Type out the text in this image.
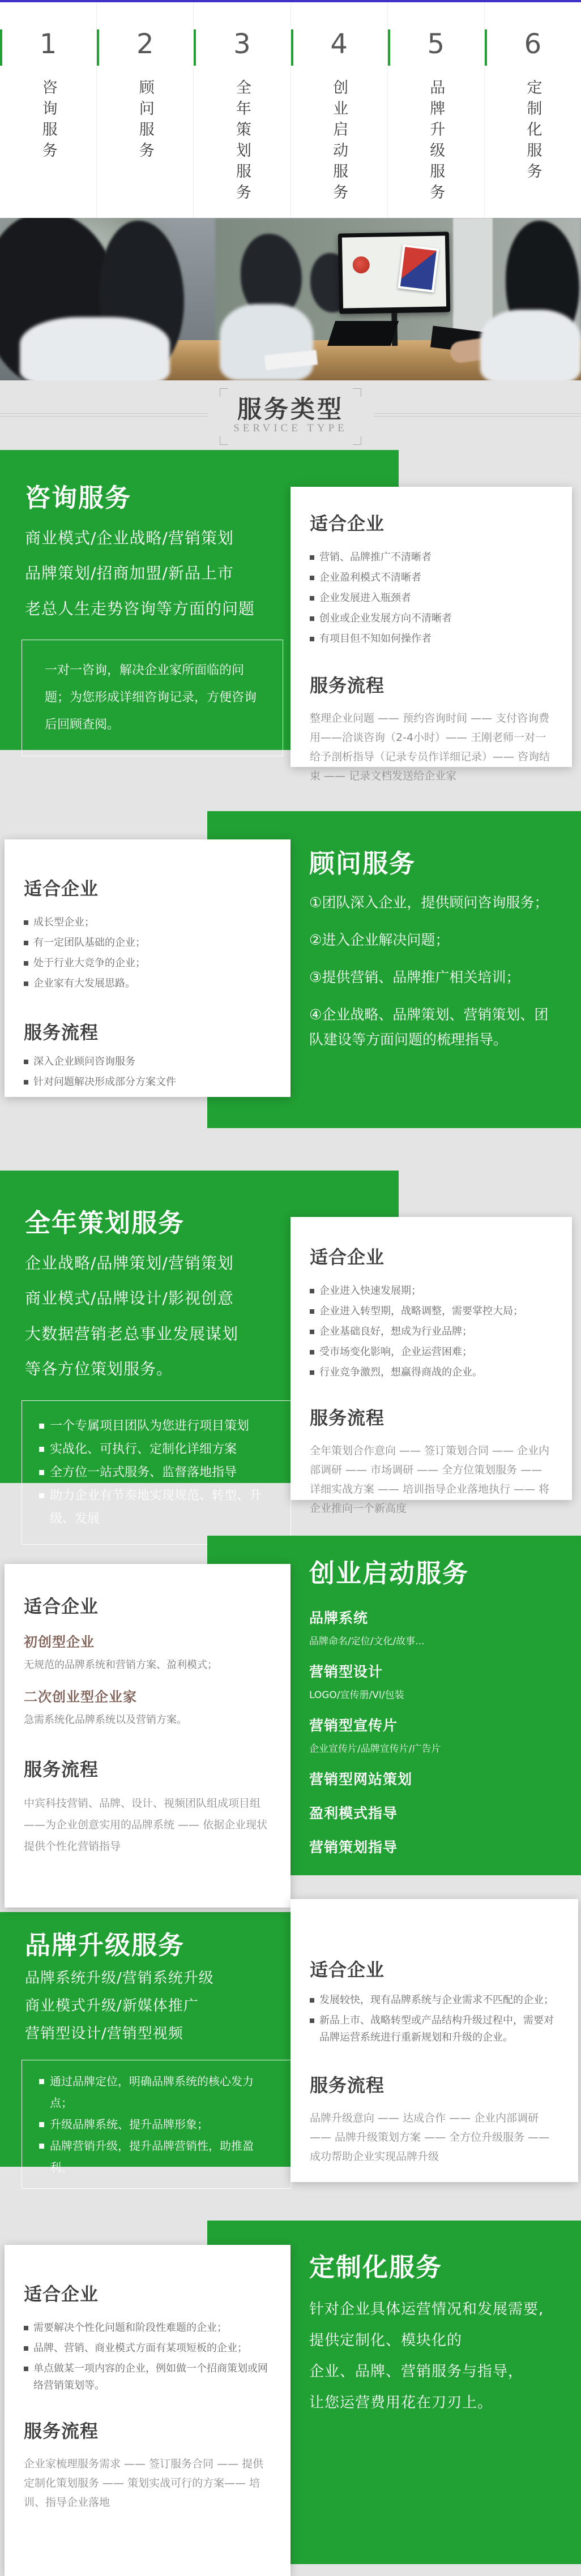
1
咨询服务
2
顾问服务
3
全年策划服务
4
创业启动服务
5
品牌升级服务
6
定制化服务
服务类型
SERVICE TYPE
咨询服务
商业模式/企业战略/营销策划
品牌策划/招商加盟/新品上市
老总人生走势咨询等方面的问题
一对一咨询，解决企业家所面临的问题；为您形成详细咨询记录，方便咨询后回顾查阅。
适合企业
营销、品牌推广不清晰者
企业盈利模式不清晰者
企业发展进入瓶颈者
创业或企业发展方向不清晰者
有项目但不知如何操作者
服务流程
整理企业问题 —— 预约咨询时间 —— 支付咨询费用——洽谈咨询（2-4小时）—— 王刚老师一对一给予剖析指导（记录专员作详细记录）—— 咨询结束 —— 记录文档发送给企业家
顾问服务
①团队深入企业，提供顾问咨询服务；
②进入企业解决问题；
③提供营销、品牌推广相关培训；
④企业战略、品牌策划、营销策划、团队建设等方面问题的梳理指导。
适合企业
成长型企业；
有一定团队基础的企业；
处于行业大竞争的企业；
企业家有大发展思路。
服务流程
深入企业顾问咨询服务
针对问题解决形成部分方案文件
全年策划服务
企业战略/品牌策划/营销策划
商业模式/品牌设计/影视创意
大数据营销老总事业发展谋划
等各方位策划服务。
一个专属项目团队为您进行项目策划
实战化、可执行、定制化详细方案
全方位一站式服务、监督落地指导
助力企业有节奏地实现规范、转型、升级、发展
适合企业
企业进入快速发展期；
企业进入转型期，战略调整，需要掌控大局；
企业基础良好，想成为行业品牌；
受市场变化影响，企业运营困难；
行业竞争激烈，想赢得商战的企业。
服务流程
全年策划合作意向 —— 签订策划合同 —— 企业内部调研 —— 市场调研 —— 全方位策划服务 —— 详细实战方案 —— 培训指导企业落地执行 —— 将企业推向一个新高度
创业启动服务
品牌系统
品牌命名/定位/文化/故事...
营销型设计
LOGO/宣传册/VI/包装
营销型宣传片
企业宣传片/品牌宣传片/广告片
营销型网站策划
盈利模式指导
营销策划指导
适合企业
初创型企业
无规范的品牌系统和营销方案、盈利模式；
二次创业型企业家
急需系统化品牌系统以及营销方案。
服务流程
中宾科技营销、品牌、设计、视频团队组成项目组 ——为企业创意实用的品牌系统 —— 依据企业现状提供个性化营销指导
品牌升级服务
品牌系统升级/营销系统升级
商业模式升级/新媒体推广
营销型设计/营销型视频
通过品牌定位，明确品牌系统的核心发力点；
升级品牌系统、提升品牌形象；
品牌营销升级，提升品牌营销性，助推盈利。
适合企业
发展较快，现有品牌系统与企业需求不匹配的企业；
新品上市、战略转型或产品结构升级过程中，需要对品牌运营系统进行重新规划和升级的企业。
服务流程
品牌升级意向 —— 达成合作 —— 企业内部调研 —— 品牌升级策划方案 —— 全方位升级服务 —— 成功帮助企业实现品牌升级
定制化服务
针对企业具体运营情况和发展需要,
提供定制化、模块化的
企业、品牌、营销服务与指导，
让您运营费用花在刀刃上。
适合企业
需要解决个性化问题和阶段性难题的企业；
品牌、营销、商业模式方面有某项短板的企业；
单点做某一项内容的企业，例如做一个招商策划或网络营销策划等。
服务流程
企业家梳理服务需求 —— 签订服务合同 —— 提供定制化策划服务 —— 策划实战可行的方案—— 培训、指导企业落地
